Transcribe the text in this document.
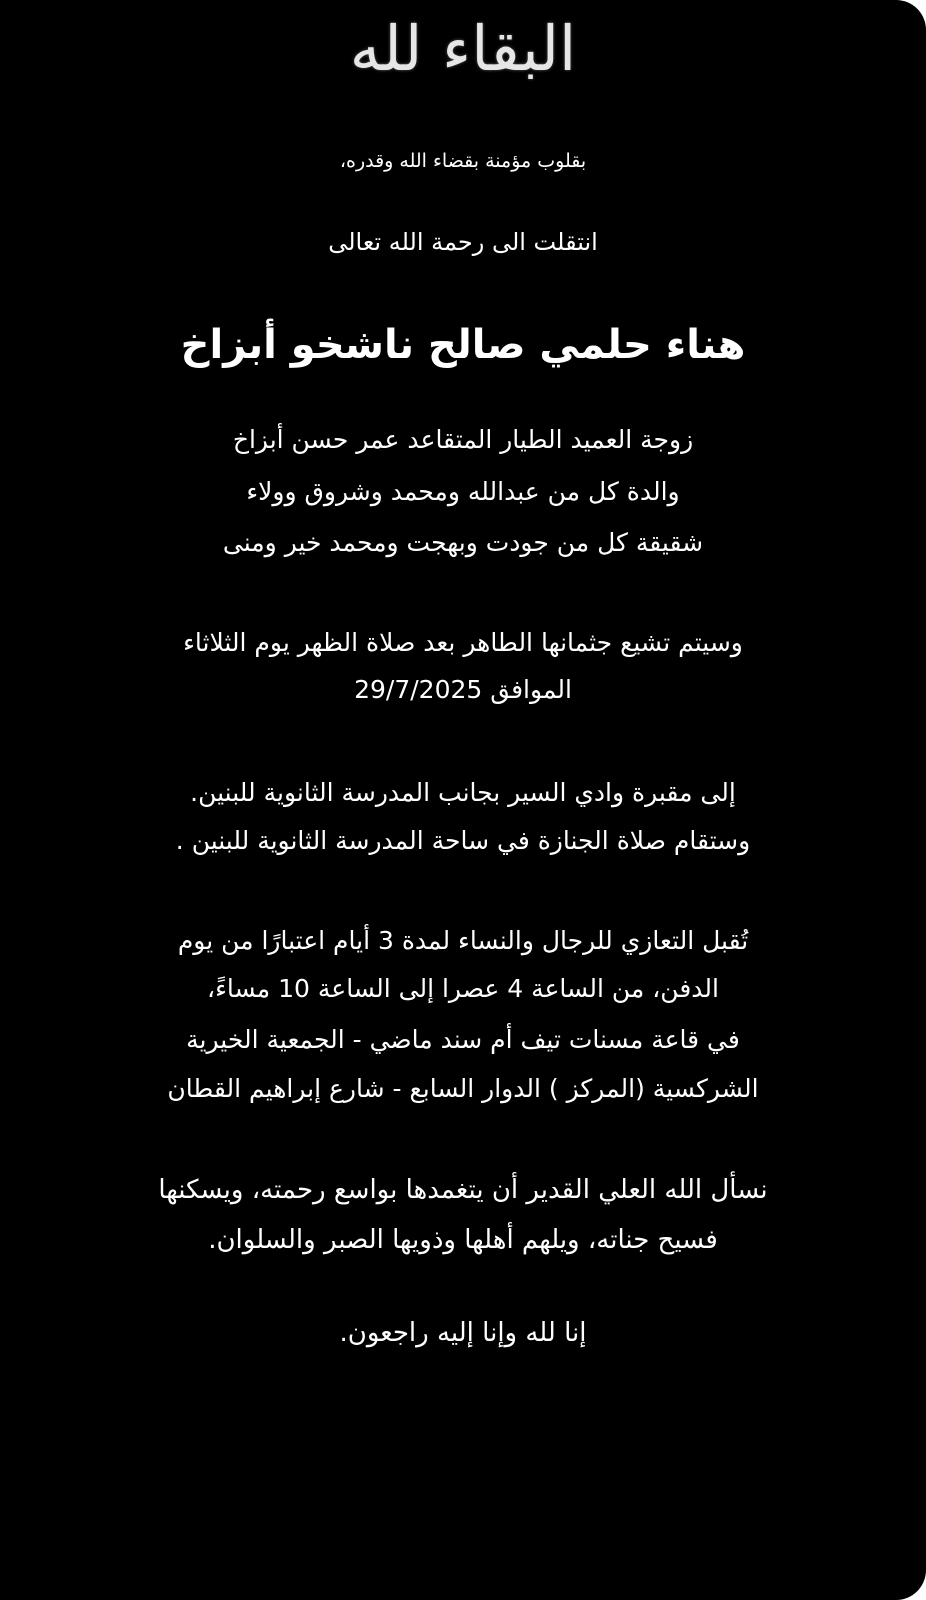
البقاء لله
بقلوب مؤمنة بقضاء الله وقدره،
انتقلت الى رحمة الله تعالى
هناء حلمي صالح ناشخو أبزاخ
زوجة العميد الطيار المتقاعد عمر حسن أبزاخ
والدة كل من عبدالله ومحمد وشروق وولاء
شقيقة كل من جودت وبهجت ومحمد خير ومنى
وسيتم تشيع جثمانها الطاهر بعد صلاة الظهر يوم الثلاثاء
الموافق 29/7/2025
إلى مقبرة وادي السير بجانب المدرسة الثانوية للبنين.
وستقام صلاة الجنازة في ساحة المدرسة الثانوية للبنين .
تُقبل التعازي للرجال والنساء لمدة 3 أيام اعتبارًا من يوم
الدفن، من الساعة 4 عصرا إلى الساعة 10 مساءً،
في قاعة مسنات تيف أم سند ماضي - الجمعية الخيرية
الشركسية (المركز ) الدوار السابع - شارع إبراهيم القطان
نسأل الله العلي القدير أن يتغمدها بواسع رحمته، ويسكنها
فسيح جناته، ويلهم أهلها وذويها الصبر والسلوان.
إنا لله وإنا إليه راجعون.
